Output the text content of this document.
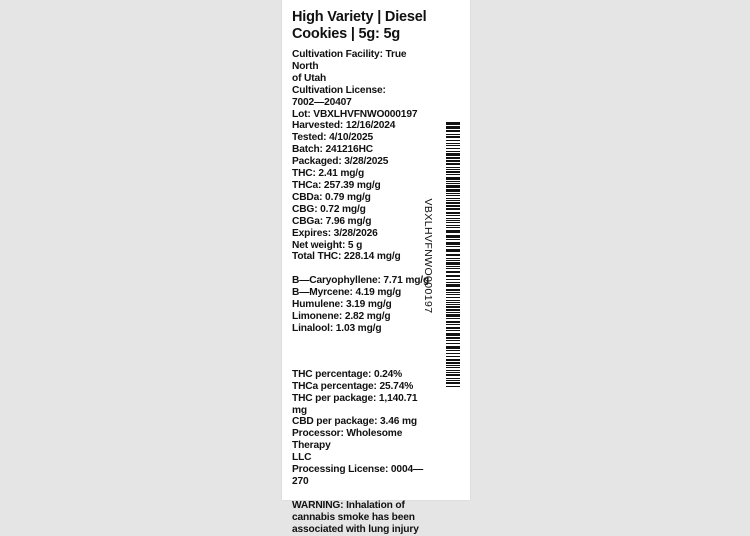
High Variety | Diesel
Cookies | 5g: 5g
Cultivation Facility: True North
of Utah
Cultivation License:
7002—20407
Lot: VBXLHVFNWO000197
Harvested: 12/16/2024
Tested: 4/10/2025
Batch: 241216HC
Packaged: 3/28/2025
THC: 2.41 mg/g
THCa: 257.39 mg/g
CBDa: 0.79 mg/g
CBG: 0.72 mg/g
CBGa: 7.96 mg/g
Expires: 3/28/2026
Net weight: 5 g
Total THC: 228.14 mg/g
B—Caryophyllene: 7.71 mg/g
B—Myrcene: 4.19 mg/g
Humulene: 3.19 mg/g
Limonene: 2.82 mg/g
Linalool: 1.03 mg/g
THC percentage: 0.24%
THCa percentage: 25.74%
THC per package: 1,140.71 mg
CBD per package: 3.46 mg
Processor: Wholesome Therapy
LLC
Processing License: 0004—270
WARNING: Inhalation of
cannabis smoke has been
associated with lung injury
VBXLHVFNWO000197
